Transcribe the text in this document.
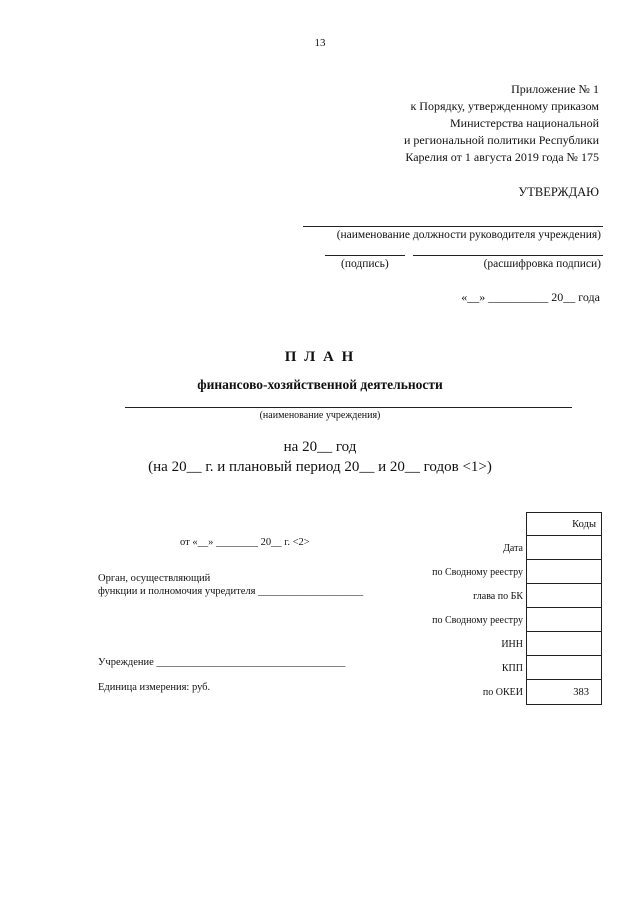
13
Приложение № 1
к Порядку, утвержденному приказом
Министерства национальной
и региональной политики Республики
Карелия от 1 августа 2019 года № 175
УТВЕРЖДАЮ
(наименование должности руководителя учреждения)
(подпись)	(расшифровка подписи)
«__» __________ 20__ года
П Л А Н
финансово-хозяйственной деятельности
(наименование учреждения)
на 20__ год
(на 20__ г. и плановый период 20__ и 20__ годов <1>)
от «__» ________ 20__ г. <2>
Орган, осуществляющий
функции и полномочия учредителя ____________________
Учреждение ____________________________________
Единица измерения: руб.
Коды
Дата
по Сводному реестру
глава по БК
по Сводному реестру
ИНН
КПП
по ОКЕИ	383
